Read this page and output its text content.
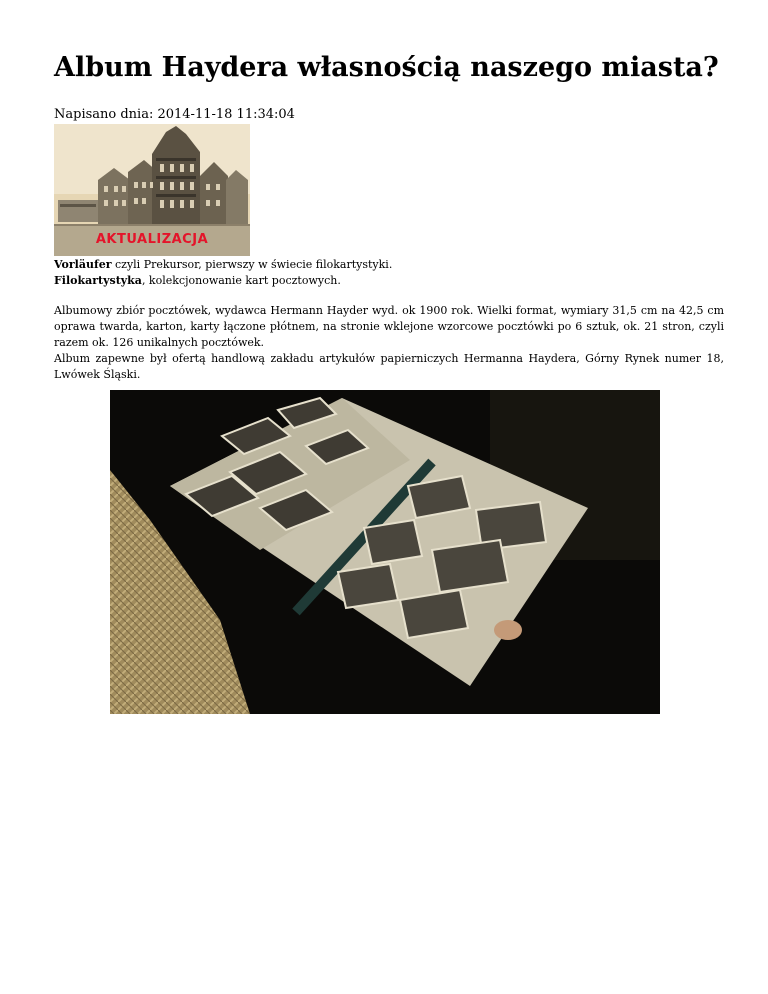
Album Haydera własnością naszego miasta?
Napisano dnia: 2014-11-18 11:34:04
AKTUALIZACJA
Vorläufer czyli Prekursor, pierwszy w świecie filokartystyki.
Filokartystyka, kolekcjonowanie kart pocztowych.

Albumowy zbiór pocztówek, wydawca Hermann Hayder wyd. ok 1900 rok. Wielki format, wymiary 31,5 cm na 42,5 cm oprawa twarda, karton, karty łączone płótnem, na stronie wklejone wzorcowe pocztówki po 6 sztuk, ok. 21 stron, czyli razem ok. 126 unikalnych pocztówek.

Album zapewne był ofertą handlową zakładu artykułów papierniczych Hermanna Haydera, Górny Rynek numer 18, Lwówek Śląski.
